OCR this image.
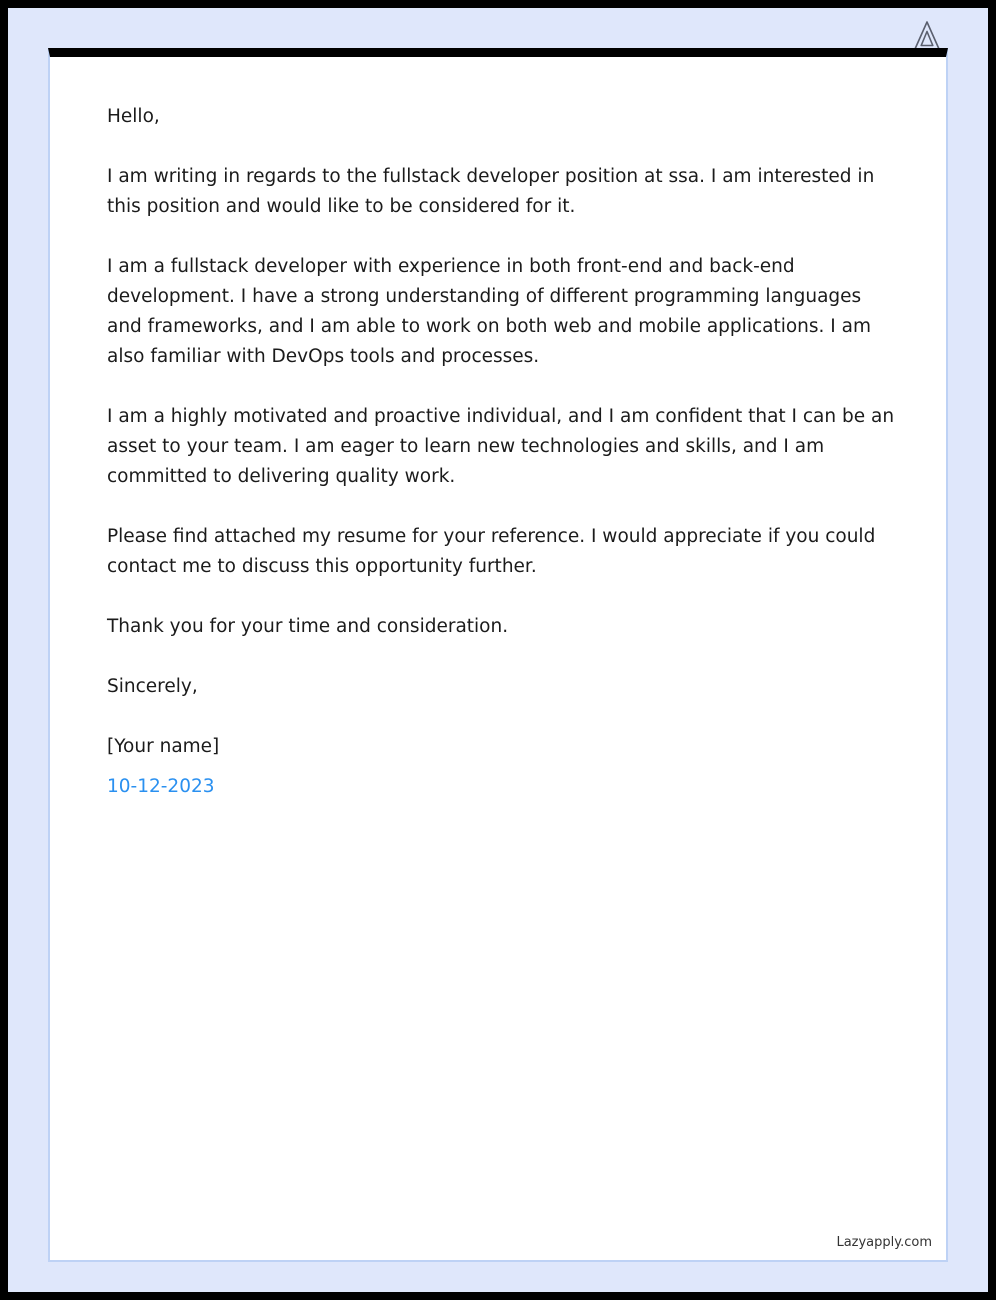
Hello,

I am writing in regards to the fullstack developer position at ssa. I am interested in this position and would like to be considered for it.

I am a fullstack developer with experience in both front-end and back-end development. I have a strong understanding of different programming languages and frameworks, and I am able to work on both web and mobile applications. I am also familiar with DevOps tools and processes.

I am a highly motivated and proactive individual, and I am confident that I can be an asset to your team. I am eager to learn new technologies and skills, and I am committed to delivering quality work.

Please find attached my resume for your reference. I would appreciate if you could contact me to discuss this opportunity further.

Thank you for your time and consideration.

Sincerely,

[Your name]

10-12-2023

Lazyapply.com
